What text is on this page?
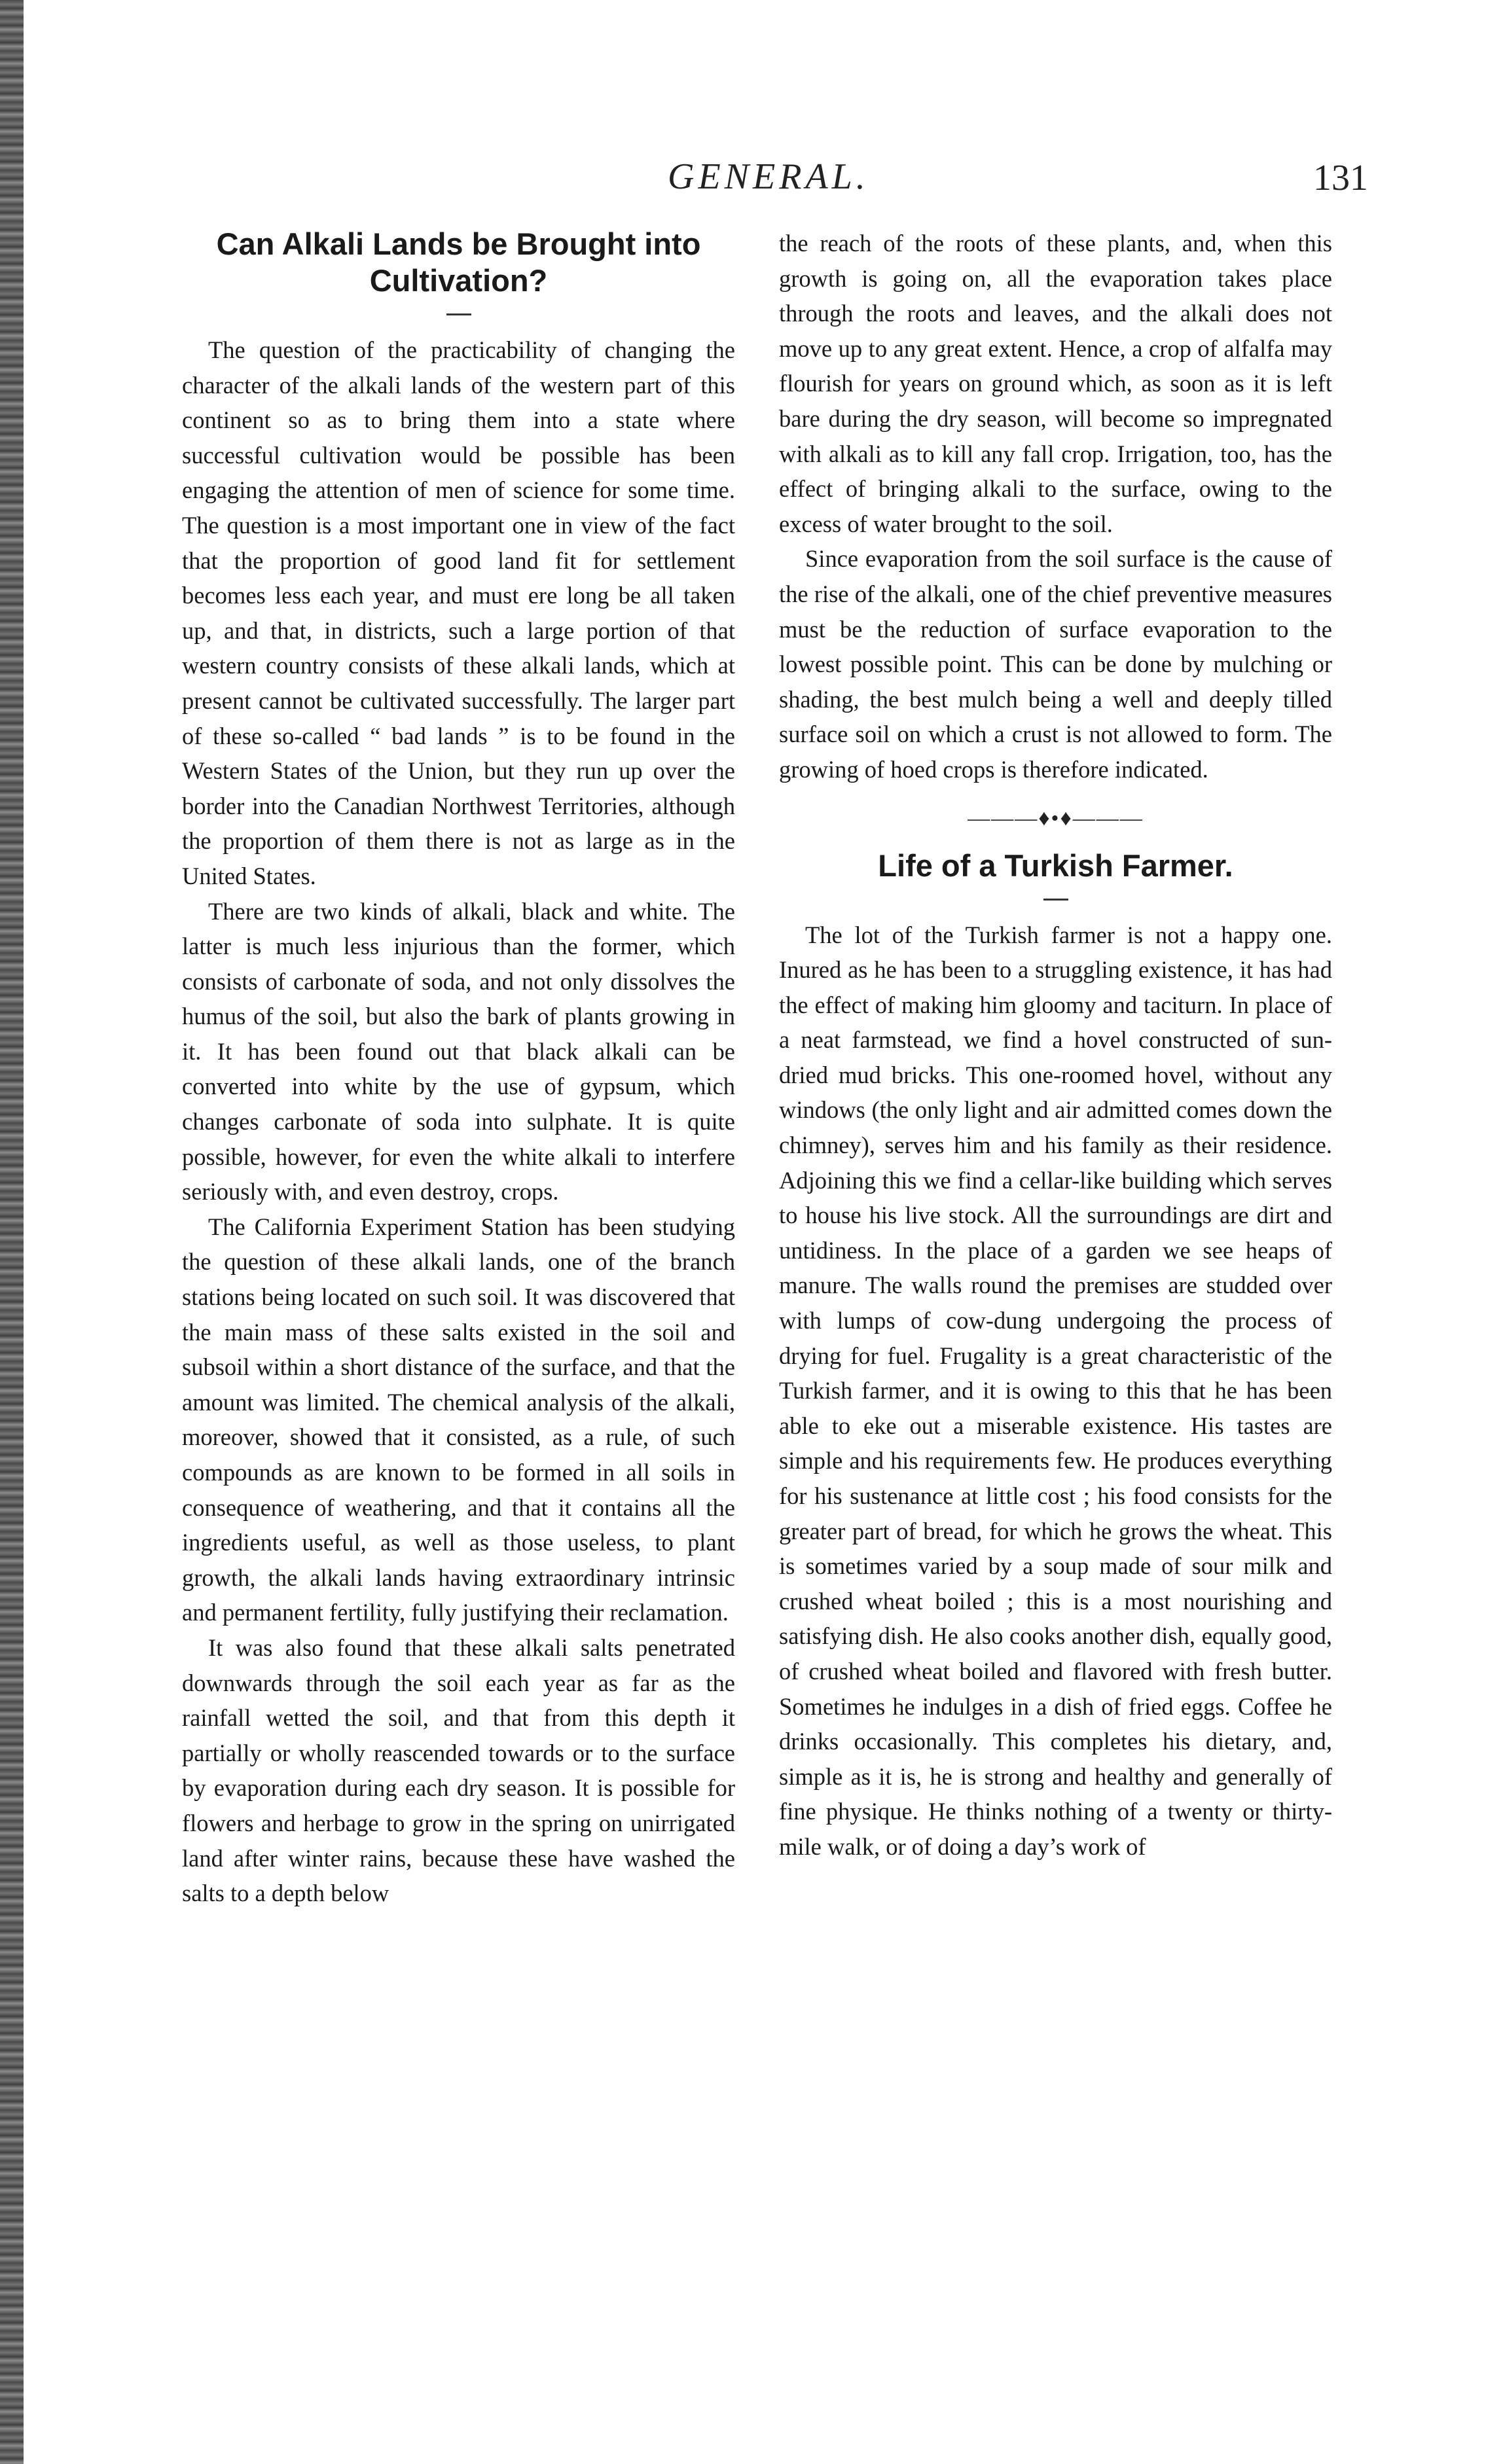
GENERAL.	131
Can Alkali Lands be Brought into Cultivation?

The question of the practicability of changing the character of the alkali lands of the western part of this continent so as to bring them into a state where successful cultivation would be possible has been engaging the attention of men of science for some time. The question is a most important one in view of the fact that the proportion of good land fit for settlement becomes less each year, and must ere long be all taken up, and that, in districts, such a large portion of that western country consists of these alkali lands, which at present cannot be cultivated successfully. The larger part of these so-called “ bad lands ” is to be found in the Western States of the Union, but they run up over the border into the Canadian Northwest Territories, although the proportion of them there is not as large as in the United States.

There are two kinds of alkali, black and white. The latter is much less injurious than the former, which consists of carbonate of soda, and not only dissolves the humus of the soil, but also the bark of plants growing in it. It has been found out that black alkali can be converted into white by the use of gypsum, which changes carbonate of soda into sulphate. It is quite possible, however, for even the white alkali to interfere seriously with, and even destroy, crops.

The California Experiment Station has been studying the question of these alkali lands, one of the branch stations being located on such soil. It was discovered that the main mass of these salts existed in the soil and subsoil within a short distance of the surface, and that the amount was limited. The chemical analysis of the alkali, moreover, showed that it consisted, as a rule, of such compounds as are known to be formed in all soils in consequence of weathering, and that it contains all the ingredients useful, as well as those useless, to plant growth, the alkali lands having extraordinary intrinsic and permanent fertility, fully justifying their reclamation.

It was also found that these alkali salts penetrated downwards through the soil each year as far as the rainfall wetted the soil, and that from this depth it partially or wholly reascended towards or to the surface by evaporation during each dry season. It is possible for flowers and herbage to grow in the spring on unirrigated land after winter rains, because these have washed the salts to a depth below

the reach of the roots of these plants, and, when this growth is going on, all the evaporation takes place through the roots and leaves, and the alkali does not move up to any great extent. Hence, a crop of alfalfa may flourish for years on ground which, as soon as it is left bare during the dry season, will become so impregnated with alkali as to kill any fall crop. Irrigation, too, has the effect of bringing alkali to the surface, owing to the excess of water brought to the soil.

Since evaporation from the soil surface is the cause of the rise of the alkali, one of the chief preventive measures must be the reduction of surface evaporation to the lowest possible point. This can be done by mulching or shading, the best mulch being a well and deeply tilled surface soil on which a crust is not allowed to form. The growing of hoed crops is therefore indicated.

———♦•♦———
Life of a Turkish Farmer.

The lot of the Turkish farmer is not a happy one. Inured as he has been to a struggling existence, it has had the effect of making him gloomy and taciturn. In place of a neat farmstead, we find a hovel constructed of sun-dried mud bricks. This one-roomed hovel, without any windows (the only light and air admitted comes down the chimney), serves him and his family as their residence. Adjoining this we find a cellar-like building which serves to house his live stock. All the surroundings are dirt and untidiness. In the place of a garden we see heaps of manure. The walls round the premises are studded over with lumps of cow-dung undergoing the process of drying for fuel. Frugality is a great characteristic of the Turkish farmer, and it is owing to this that he has been able to eke out a miserable existence. His tastes are simple and his requirements few. He produces everything for his sustenance at little cost ; his food consists for the greater part of bread, for which he grows the wheat. This is sometimes varied by a soup made of sour milk and crushed wheat boiled ; this is a most nourishing and satisfying dish. He also cooks another dish, equally good, of crushed wheat boiled and flavored with fresh butter. Sometimes he indulges in a dish of fried eggs. Coffee he drinks occasionally. This completes his dietary, and, simple as it is, he is strong and healthy and generally of fine physique. He thinks nothing of a twenty or thirty-mile walk, or of doing a day’s work of
